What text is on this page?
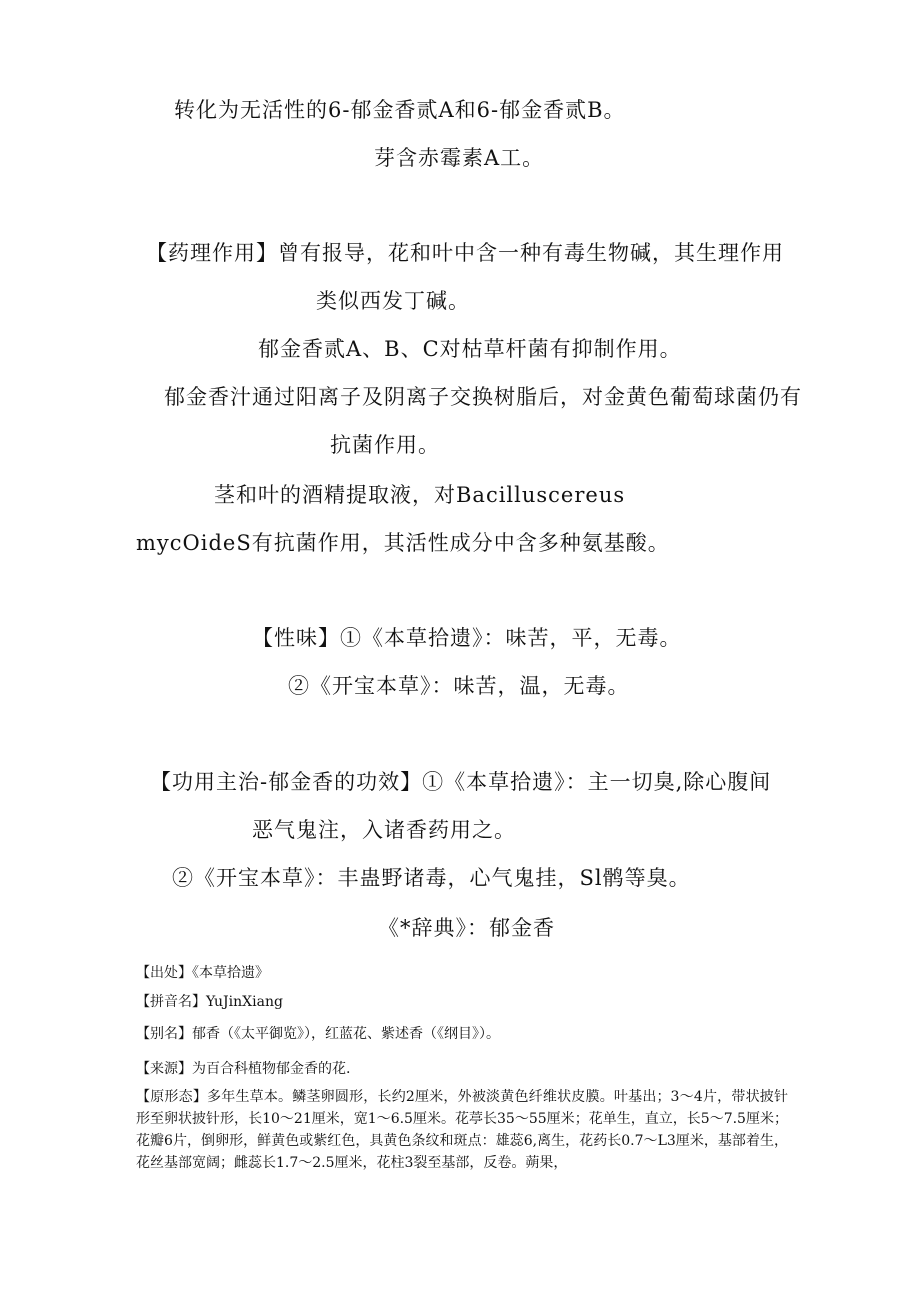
转化为无活性的6-郁金香贰A和6-郁金香贰B。
芽含赤霉素A工。
【药理作用】曾有报导，花和叶中含一种有毒生物碱，其生理作用
类似西发丁碱。
郁金香贰A、B、C对枯草杆菌有抑制作用。
郁金香汁通过阳离子及阴离子交换树脂后，对金黄色葡萄球菌仍有
抗菌作用。
茎和叶的酒精提取液，对Bacilluscereus
mycOideS有抗菌作用，其活性成分中含多种氨基酸。
【性味】①《本草拾遗》：味苦，平，无毒。
②《开宝本草》：味苦，温，无毒。
【功用主治-郁金香的功效】①《本草拾遗》：主一切臭,除心腹间
恶气鬼注，入诸香药用之。
②《开宝本草》：丰蛊野诸毒，心气鬼挂，Sl鹘等臭。
《*辞典》：郁金香
【出处】《本草拾遗》
【拼音名】YuJinXiang
【别名】郁香（《太平御览》），红蓝花、紫述香（《纲目》）。
【来源】为百合科植物郁金香的花.
【原形态】多年生草本。鳞茎卵圆形，长约2厘米，外被淡黄色纤维状皮膜。叶基出；3～4片，带状披针形至卵状披针形，长10～21厘米，宽1～6.5厘米。花葶长35～55厘米；花单生，直立，长5～7.5厘米；花瓣6片，倒卵形，鲜黄色或紫红色，具黄色条纹和斑点：雄蕊6,离生，花药长0.7～L3厘米，基部着生，花丝基部宽阔；雌蕊长1.7～2.5厘米，花柱3裂至基部，反卷。蒴果，
